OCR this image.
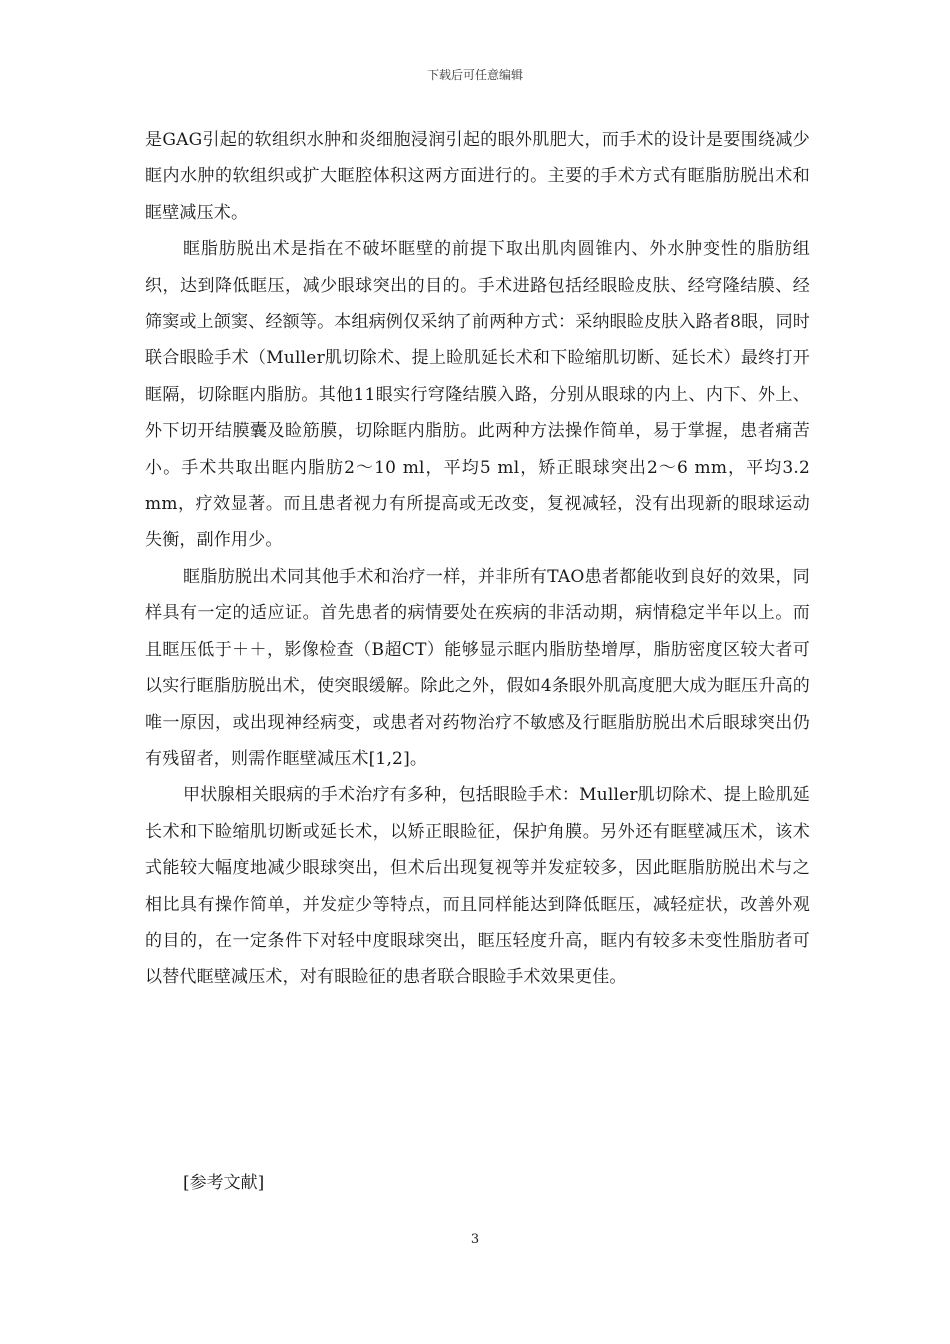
下载后可任意编辑

是GAG引起的软组织水肿和炎细胞浸润引起的眼外肌肥大，而手术的设计是要围绕减少眶内水肿的软组织或扩大眶腔体积这两方面进行的。主要的手术方式有眶脂肪脱出术和眶壁减压术。

眶脂肪脱出术是指在不破坏眶壁的前提下取出肌肉圆锥内、外水肿变性的脂肪组织，达到降低眶压，减少眼球突出的目的。手术进路包括经眼睑皮肤、经穹隆结膜、经筛窦或上颌窦、经额等。本组病例仅采纳了前两种方式：采纳眼睑皮肤入路者8眼，同时联合眼睑手术（Muller肌切除术、提上睑肌延长术和下睑缩肌切断、延长术）最终打开眶隔，切除眶内脂肪。其他11眼实行穹隆结膜入路，分别从眼球的内上、内下、外上、外下切开结膜囊及睑筋膜，切除眶内脂肪。此两种方法操作简单，易于掌握，患者痛苦小。手术共取出眶内脂肪2～10 ml，平均5 ml，矫正眼球突出2～6 mm，平均3.2 mm，疗效显著。而且患者视力有所提高或无改变，复视减轻，没有出现新的眼球运动失衡，副作用少。

眶脂肪脱出术同其他手术和治疗一样，并非所有TAO患者都能收到良好的效果，同样具有一定的适应证。首先患者的病情要处在疾病的非活动期，病情稳定半年以上。而且眶压低于＋＋，影像检查（B超CT）能够显示眶内脂肪垫增厚，脂肪密度区较大者可以实行眶脂肪脱出术，使突眼缓解。除此之外，假如4条眼外肌高度肥大成为眶压升高的唯一原因，或出现神经病变，或患者对药物治疗不敏感及行眶脂肪脱出术后眼球突出仍有残留者，则需作眶壁减压术[1,2]。

甲状腺相关眼病的手术治疗有多种，包括眼睑手术：Muller肌切除术、提上睑肌延长术和下睑缩肌切断或延长术，以矫正眼睑征，保护角膜。另外还有眶壁减压术，该术式能较大幅度地减少眼球突出，但术后出现复视等并发症较多，因此眶脂肪脱出术与之相比具有操作简单，并发症少等特点，而且同样能达到降低眶压，减轻症状，改善外观的目的，在一定条件下对轻中度眼球突出，眶压轻度升高，眶内有较多未变性脂肪者可以替代眶壁减压术，对有眼睑征的患者联合眼睑手术效果更佳。

[参考文献]
3
